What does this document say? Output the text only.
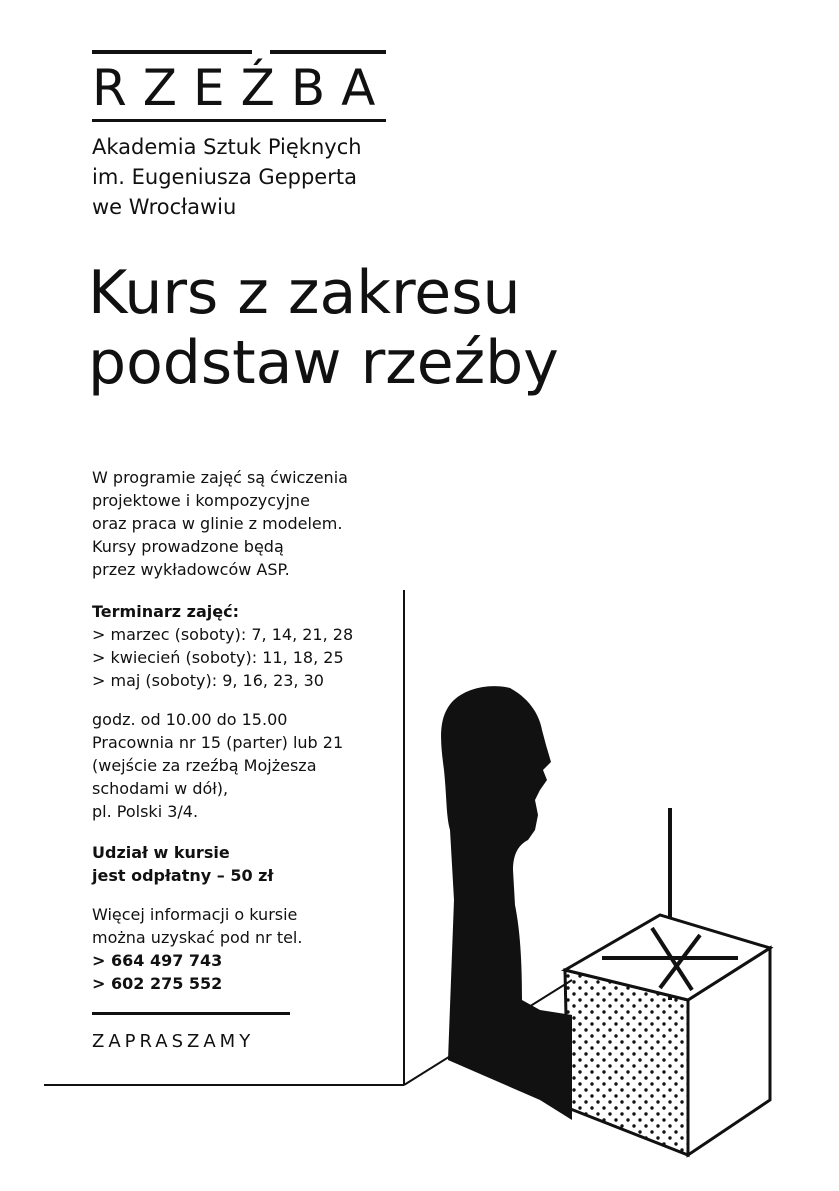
RZEŹBA
Akademia Sztuk Pięknych
im. Eugeniusza Gepperta
we Wrocławiu
Kurs z zakresu
podstaw rzeźby
W programie zajęć są ćwiczenia
projektowe i kompozycyjne
oraz praca w glinie z modelem.
Kursy prowadzone będą
przez wykładowców ASP.
Terminarz zajęć:
> marzec (soboty): 7, 14, 21, 28
> kwiecień (soboty): 11, 18, 25
> maj (soboty): 9, 16, 23, 30
godz. od 10.00 do 15.00
Pracownia nr 15 (parter) lub 21
(wejście za rzeźbą Mojżesza
schodami w dół),
pl. Polski 3/4.
Udział w kursie
jest odpłatny – 50 zł
Więcej informacji o kursie
można uzyskać pod nr tel.
> 664 497 743
> 602 275 552
ZAPRASZAMY
